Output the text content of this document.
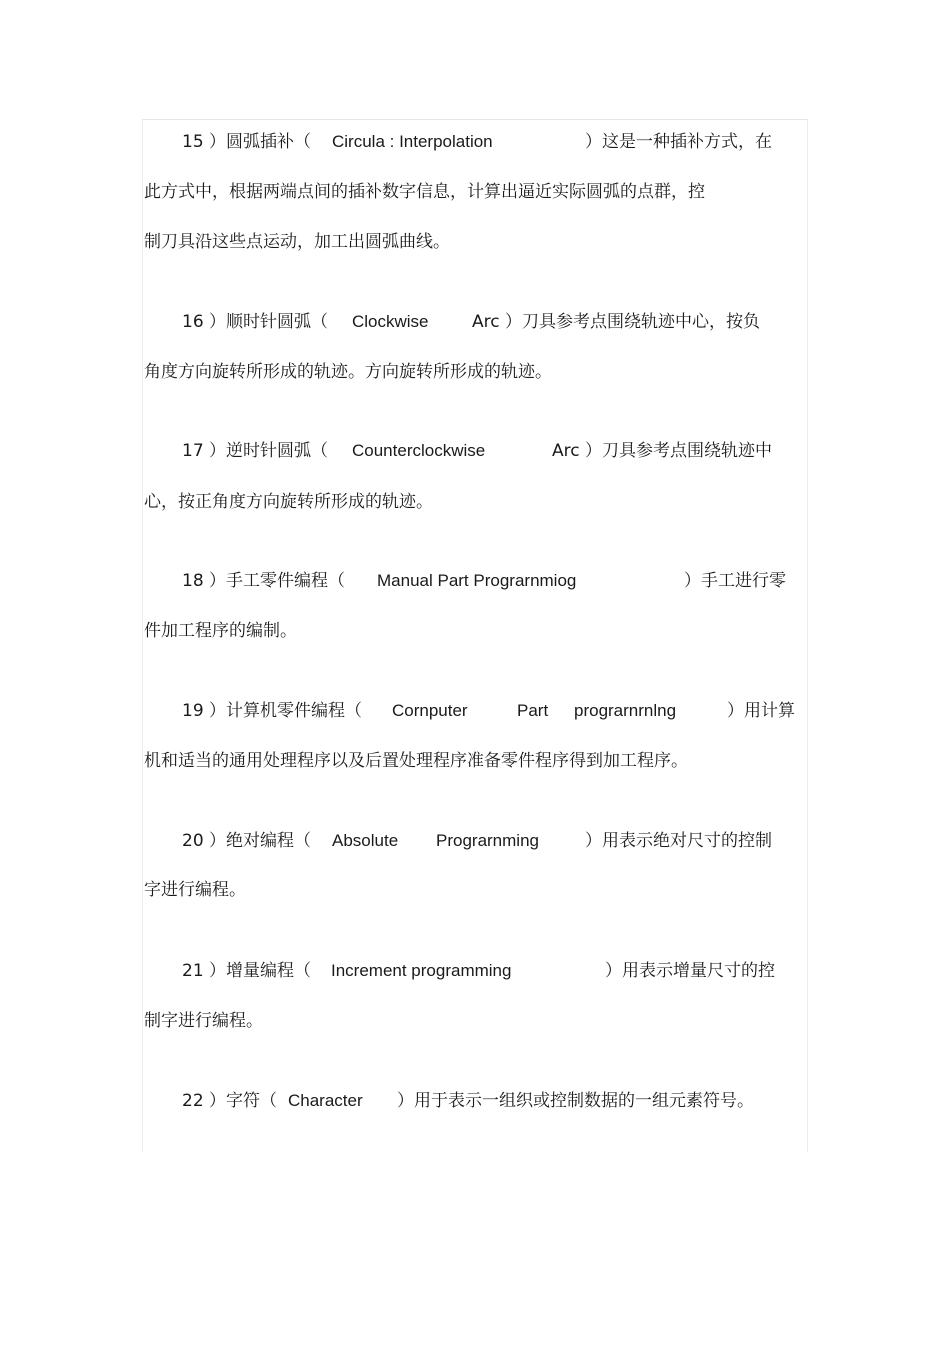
15 ）圆弧插补（ Circula : Interpolation	）这是一种插补方式，在
此方式中，根据两端点间的插补数字信息，计算出逼近实际圆弧的点群，控
制刀具沿这些点运动，加工出圆弧曲线。
16 ）顺时针圆弧（ Clockwise	Arc ）刀具参考点围绕轨迹中心，按负
角度方向旋转所形成的轨迹。方向旋转所形成的轨迹。
17 ）逆时针圆弧（ Counterclockwise	Arc ）刀具参考点围绕轨迹中
心，按正角度方向旋转所形成的轨迹。
18 ）手工零件编程（ Manual Part Prograrnmiog	）手工进行零
件加工程序的编制。
19 ）计算机零件编程（ Cornputer	Part prograrnrnlng	）用计算
机和适当的通用处理程序以及后置处理程序准备零件程序得到加工程序。
20 ）绝对编程（ Absolute Prograrnming	）用表示绝对尺寸的控制
字进行编程。
21 ）增量编程（ Increment programming	）用表示增量尺寸的控
制字进行编程。
22 ）字符（ Character ）用于表示一组织或控制数据的一组元素符号。
